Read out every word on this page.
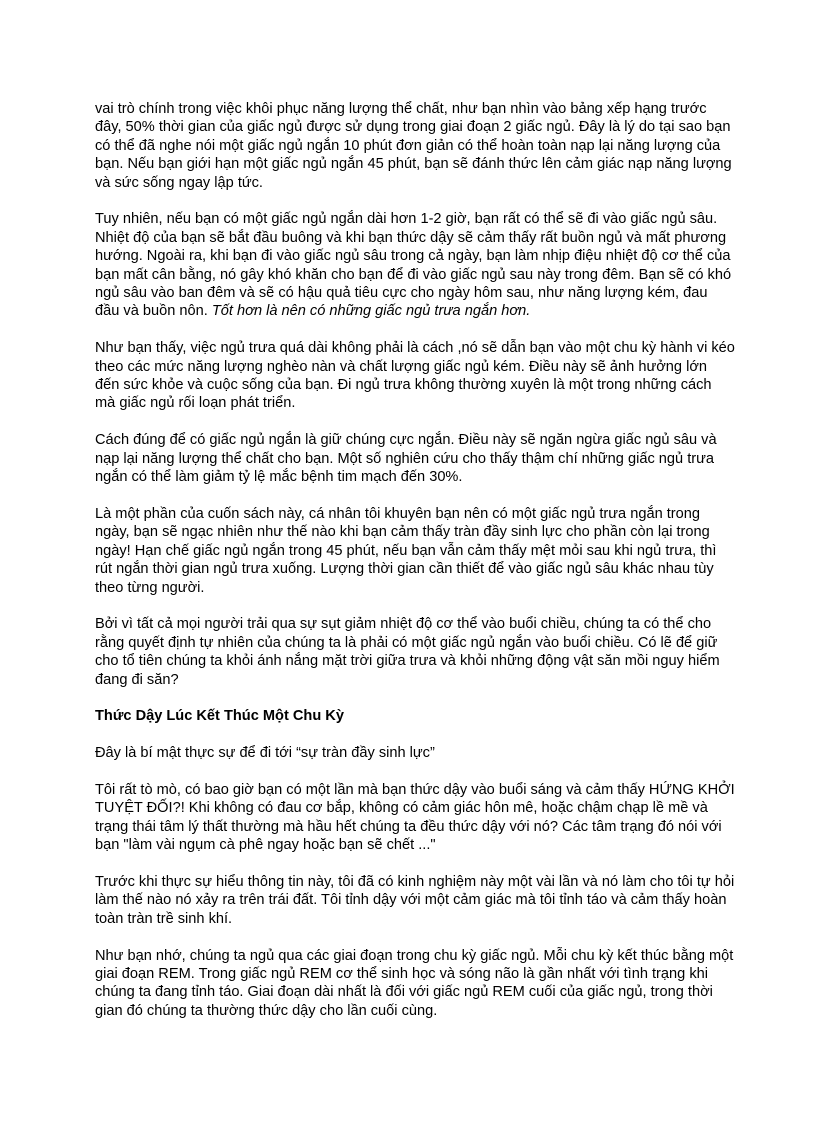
vai trò chính trong việc khôi phục năng lượng thể chất, như bạn nhìn vào bảng xếp hạng trước đây, 50% thời gian của giấc ngủ được sử dụng trong giai đoạn 2 giấc ngủ. Đây là lý do tại sao bạn có thể đã nghe nói một giấc ngủ ngắn 10 phút đơn giản có thể hoàn toàn nạp lại năng lượng của bạn. Nếu bạn giới hạn một giấc ngủ ngắn 45 phút, bạn sẽ đánh thức lên cảm giác nạp năng lượng và sức sống ngay lập tức.

Tuy nhiên, nếu bạn có một giấc ngủ ngắn dài hơn 1-2 giờ, bạn rất có thể sẽ đi vào giấc ngủ sâu. Nhiệt độ của bạn sẽ bắt đầu buông và khi bạn thức dậy sẽ cảm thấy rất buồn ngủ và mất phương hướng. Ngoài ra, khi bạn đi vào giấc ngủ sâu trong cả ngày, bạn làm nhịp điệu nhiệt độ cơ thể của bạn mất cân bằng, nó gây khó khăn cho bạn để đi vào giấc ngủ sau này trong đêm. Bạn sẽ có khó ngủ sâu vào ban đêm và sẽ có hậu quả tiêu cực cho ngày hôm sau, như năng lượng kém, đau đầu và buồn nôn. Tốt hơn là nên có những giấc ngủ trưa ngắn hơn.

Như bạn thấy, việc ngủ trưa quá dài không phải là cách ,nó sẽ dẫn bạn vào một chu kỳ hành vi kéo theo các mức năng lượng nghèo nàn và chất lượng giấc ngủ kém. Điều này sẽ ảnh hưởng lớn đến sức khỏe và cuộc sống của bạn. Đi ngủ trưa không thường xuyên là một trong những cách mà giấc ngủ rối loạn phát triển.

Cách đúng để có giấc ngủ ngắn là giữ chúng cực ngắn. Điều này sẽ ngăn ngừa giấc ngủ sâu và nạp lại năng lượng thể chất cho bạn. Một số nghiên cứu cho thấy thậm chí những giấc ngủ trưa ngắn có thể làm giảm tỷ lệ mắc bệnh tim mạch đến 30%.

Là một phần của cuốn sách này, cá nhân tôi khuyên bạn nên có một giấc ngủ trưa ngắn trong ngày, bạn sẽ ngạc nhiên như thế nào khi bạn cảm thấy tràn đầy sinh lực cho phần còn lại trong ngày! Hạn chế giấc ngủ ngắn trong 45 phút, nếu bạn vẫn cảm thấy mệt mỏi sau khi ngủ trưa, thì rút ngắn thời gian ngủ trưa xuống. Lượng thời gian cần thiết để vào giấc ngủ sâu khác nhau tùy theo từng người.

Bởi vì tất cả mọi người trải qua sự sụt giảm nhiệt độ cơ thể vào buổi chiều, chúng ta có thể cho rằng quyết định tự nhiên của chúng ta là phải có một giấc ngủ ngắn vào buổi chiều. Có lẽ để giữ cho tổ tiên chúng ta khỏi ánh nắng mặt trời giữa trưa và khỏi những động vật săn mồi nguy hiểm đang đi săn?

Thức Dậy Lúc Kết Thúc Một Chu Kỳ

Đây là bí mật thực sự để đi tới “sự tràn đầy sinh lực”

Tôi rất tò mò, có bao giờ bạn có một lần mà bạn thức dậy vào buổi sáng và cảm thấy HỨNG KHỞI TUYỆT ĐỐI?! Khi không có đau cơ bắp, không có cảm giác hôn mê, hoặc chậm chạp lề mề và trạng thái tâm lý thất thường mà hầu hết chúng ta đều thức dậy với nó? Các tâm trạng đó nói với bạn "làm vài ngụm cà phê ngay hoặc bạn sẽ chết ..."

Trước khi thực sự hiểu thông tin này, tôi đã có kinh nghiệm này một vài lần và nó làm cho tôi tự hỏi làm thế nào nó xảy ra trên trái đất. Tôi tỉnh dậy với một cảm giác mà tôi tỉnh táo và cảm thấy hoàn toàn tràn trề sinh khí.

Như bạn nhớ, chúng ta ngủ qua các giai đoạn trong chu kỳ giấc ngủ. Mỗi chu kỳ kết thúc bằng một giai đoạn REM. Trong giấc ngủ REM cơ thể sinh học và sóng não là gần nhất với tình trạng khi chúng ta đang tỉnh táo. Giai đoạn dài nhất là đối với giấc ngủ REM cuối của giấc ngủ, trong thời gian đó chúng ta thường thức dậy cho lần cuối cùng.
